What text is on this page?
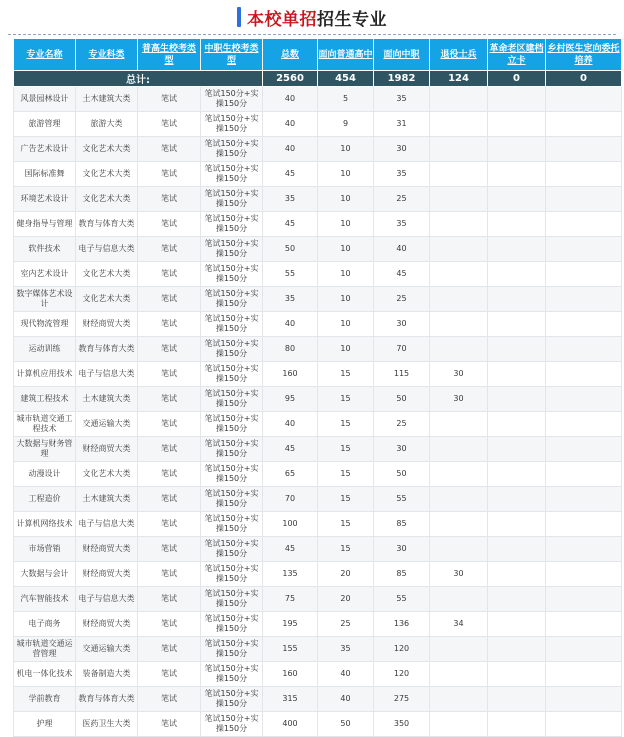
本校单招招生专业
专业名称	专业科类	普高生校考类型	中职生校考类型	总数	面向普通高中	面向中职	退役士兵	革命老区建档立卡	乡村医生定向委托培养
总计:				2560	454	1982	124	0	0
风景园林设计	土木建筑大类	笔试	笔试150分+实操150分	40	5	35			
旅游管理	旅游大类	笔试	笔试150分+实操150分	40	9	31			
广告艺术设计	文化艺术大类	笔试	笔试150分+实操150分	40	10	30			
国际标准舞	文化艺术大类	笔试	笔试150分+实操150分	45	10	35			
环境艺术设计	文化艺术大类	笔试	笔试150分+实操150分	35	10	25			
健身指导与管理	教育与体育大类	笔试	笔试150分+实操150分	45	10	35			
软件技术	电子与信息大类	笔试	笔试150分+实操150分	50	10	40			
室内艺术设计	文化艺术大类	笔试	笔试150分+实操150分	55	10	45			
数字媒体艺术设计	文化艺术大类	笔试	笔试150分+实操150分	35	10	25			
现代物流管理	财经商贸大类	笔试	笔试150分+实操150分	40	10	30			
运动训练	教育与体育大类	笔试	笔试150分+实操150分	80	10	70			
计算机应用技术	电子与信息大类	笔试	笔试150分+实操150分	160	15	115	30		
建筑工程技术	土木建筑大类	笔试	笔试150分+实操150分	95	15	50	30		
城市轨道交通工程技术	交通运输大类	笔试	笔试150分+实操150分	40	15	25			
大数据与财务管理	财经商贸大类	笔试	笔试150分+实操150分	45	15	30			
动漫设计	文化艺术大类	笔试	笔试150分+实操150分	65	15	50			
工程造价	土木建筑大类	笔试	笔试150分+实操150分	70	15	55			
计算机网络技术	电子与信息大类	笔试	笔试150分+实操150分	100	15	85			
市场营销	财经商贸大类	笔试	笔试150分+实操150分	45	15	30			
大数据与会计	财经商贸大类	笔试	笔试150分+实操150分	135	20	85	30		
汽车智能技术	电子与信息大类	笔试	笔试150分+实操150分	75	20	55			
电子商务	财经商贸大类	笔试	笔试150分+实操150分	195	25	136	34		
城市轨道交通运营管理	交通运输大类	笔试	笔试150分+实操150分	155	35	120			
机电一体化技术	装备制造大类	笔试	笔试150分+实操150分	160	40	120			
学前教育	教育与体育大类	笔试	笔试150分+实操150分	315	40	275			
护理	医药卫生大类	笔试	笔试150分+实操150分	400	50	350			
